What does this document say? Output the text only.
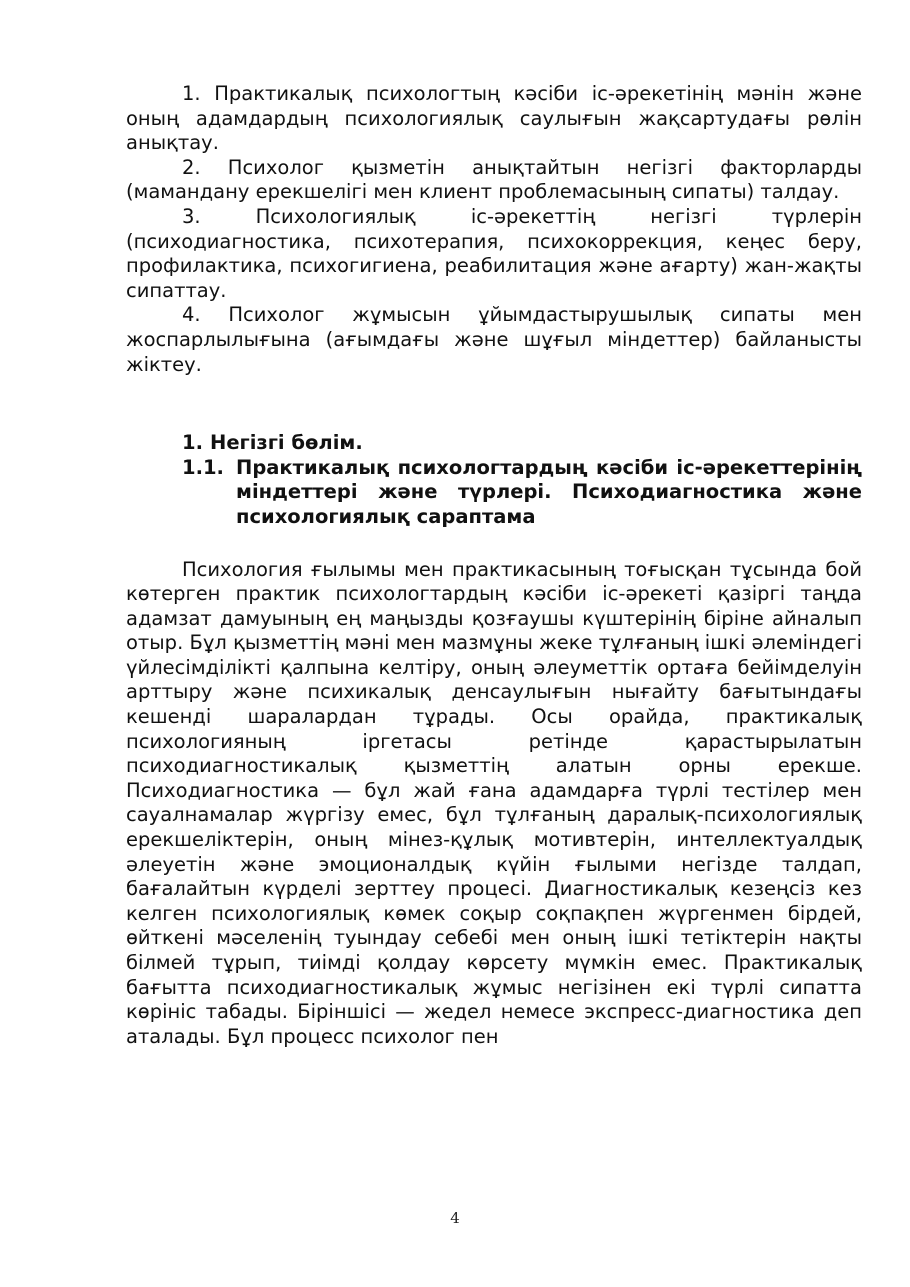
1. Практикалық психологтың кәсіби іс-әрекетінің мәнін және оның адамдардың психологиялық саулығын жақсартудағы рөлін анықтау.

2. Психолог қызметін анықтайтын негізгі факторларды (мамандану ерекшелігі мен клиент проблемасының сипаты) талдау.

3. Психологиялық іс-әрекеттің негізгі түрлерін (психодиагностика, психотерапия, психокоррекция, кеңес беру, профилактика, психогигиена, реабилитация және ағарту) жан-жақты сипаттау.

4. Психолог жұмысын ұйымдастырушылық сипаты мен жоспарлылығына (ағымдағы және шұғыл міндеттер) байланысты жіктеу.

1. Негізгі бөлім.
1.1. Практикалық психологтардың кәсіби іс-әрекеттерінің міндеттері және түрлері. Психодиагностика және психологиялық сараптама

Психология ғылымы мен практикасының тоғысқан тұсында бой көтерген практик психологтардың кәсіби іс-әрекеті қазіргі таңда адамзат дамуының ең маңызды қозғаушы күштерінің біріне айналып отыр. Бұл қызметтің мәні мен мазмұны жеке тұлғаның ішкі әлеміндегі үйлесімділікті қалпына келтіру, оның әлеуметтік ортаға бейімделуін арттыру және психикалық денсаулығын нығайту бағытындағы кешенді шаралардан тұрады. Осы орайда, практикалық психологияның іргетасы ретінде қарастырылатын психодиагностикалық қызметтің алатын орны ерекше. Психодиагностика — бұл жай ғана адамдарға түрлі тестілер мен сауалнамалар жүргізу емес, бұл тұлғаның даралық-психологиялық ерекшеліктерін, оның мінез-құлық мотивтерін, интеллектуалдық әлеуетін және эмоционалдық күйін ғылыми негізде талдап, бағалайтын күрделі зерттеу процесі. Диагностикалық кезеңсіз кез келген психологиялық көмек соқыр соқпақпен жүргенмен бірдей, өйткені мәселенің туындау себебі мен оның ішкі тетіктерін нақты білмей тұрып, тиімді қолдау көрсету мүмкін емес. Практикалық бағытта психодиагностикалық жұмыс негізінен екі түрлі сипатта көрініс табады. Біріншісі — жедел немесе экспресс-диагностика деп аталады. Бұл процесс психолог пен

4
